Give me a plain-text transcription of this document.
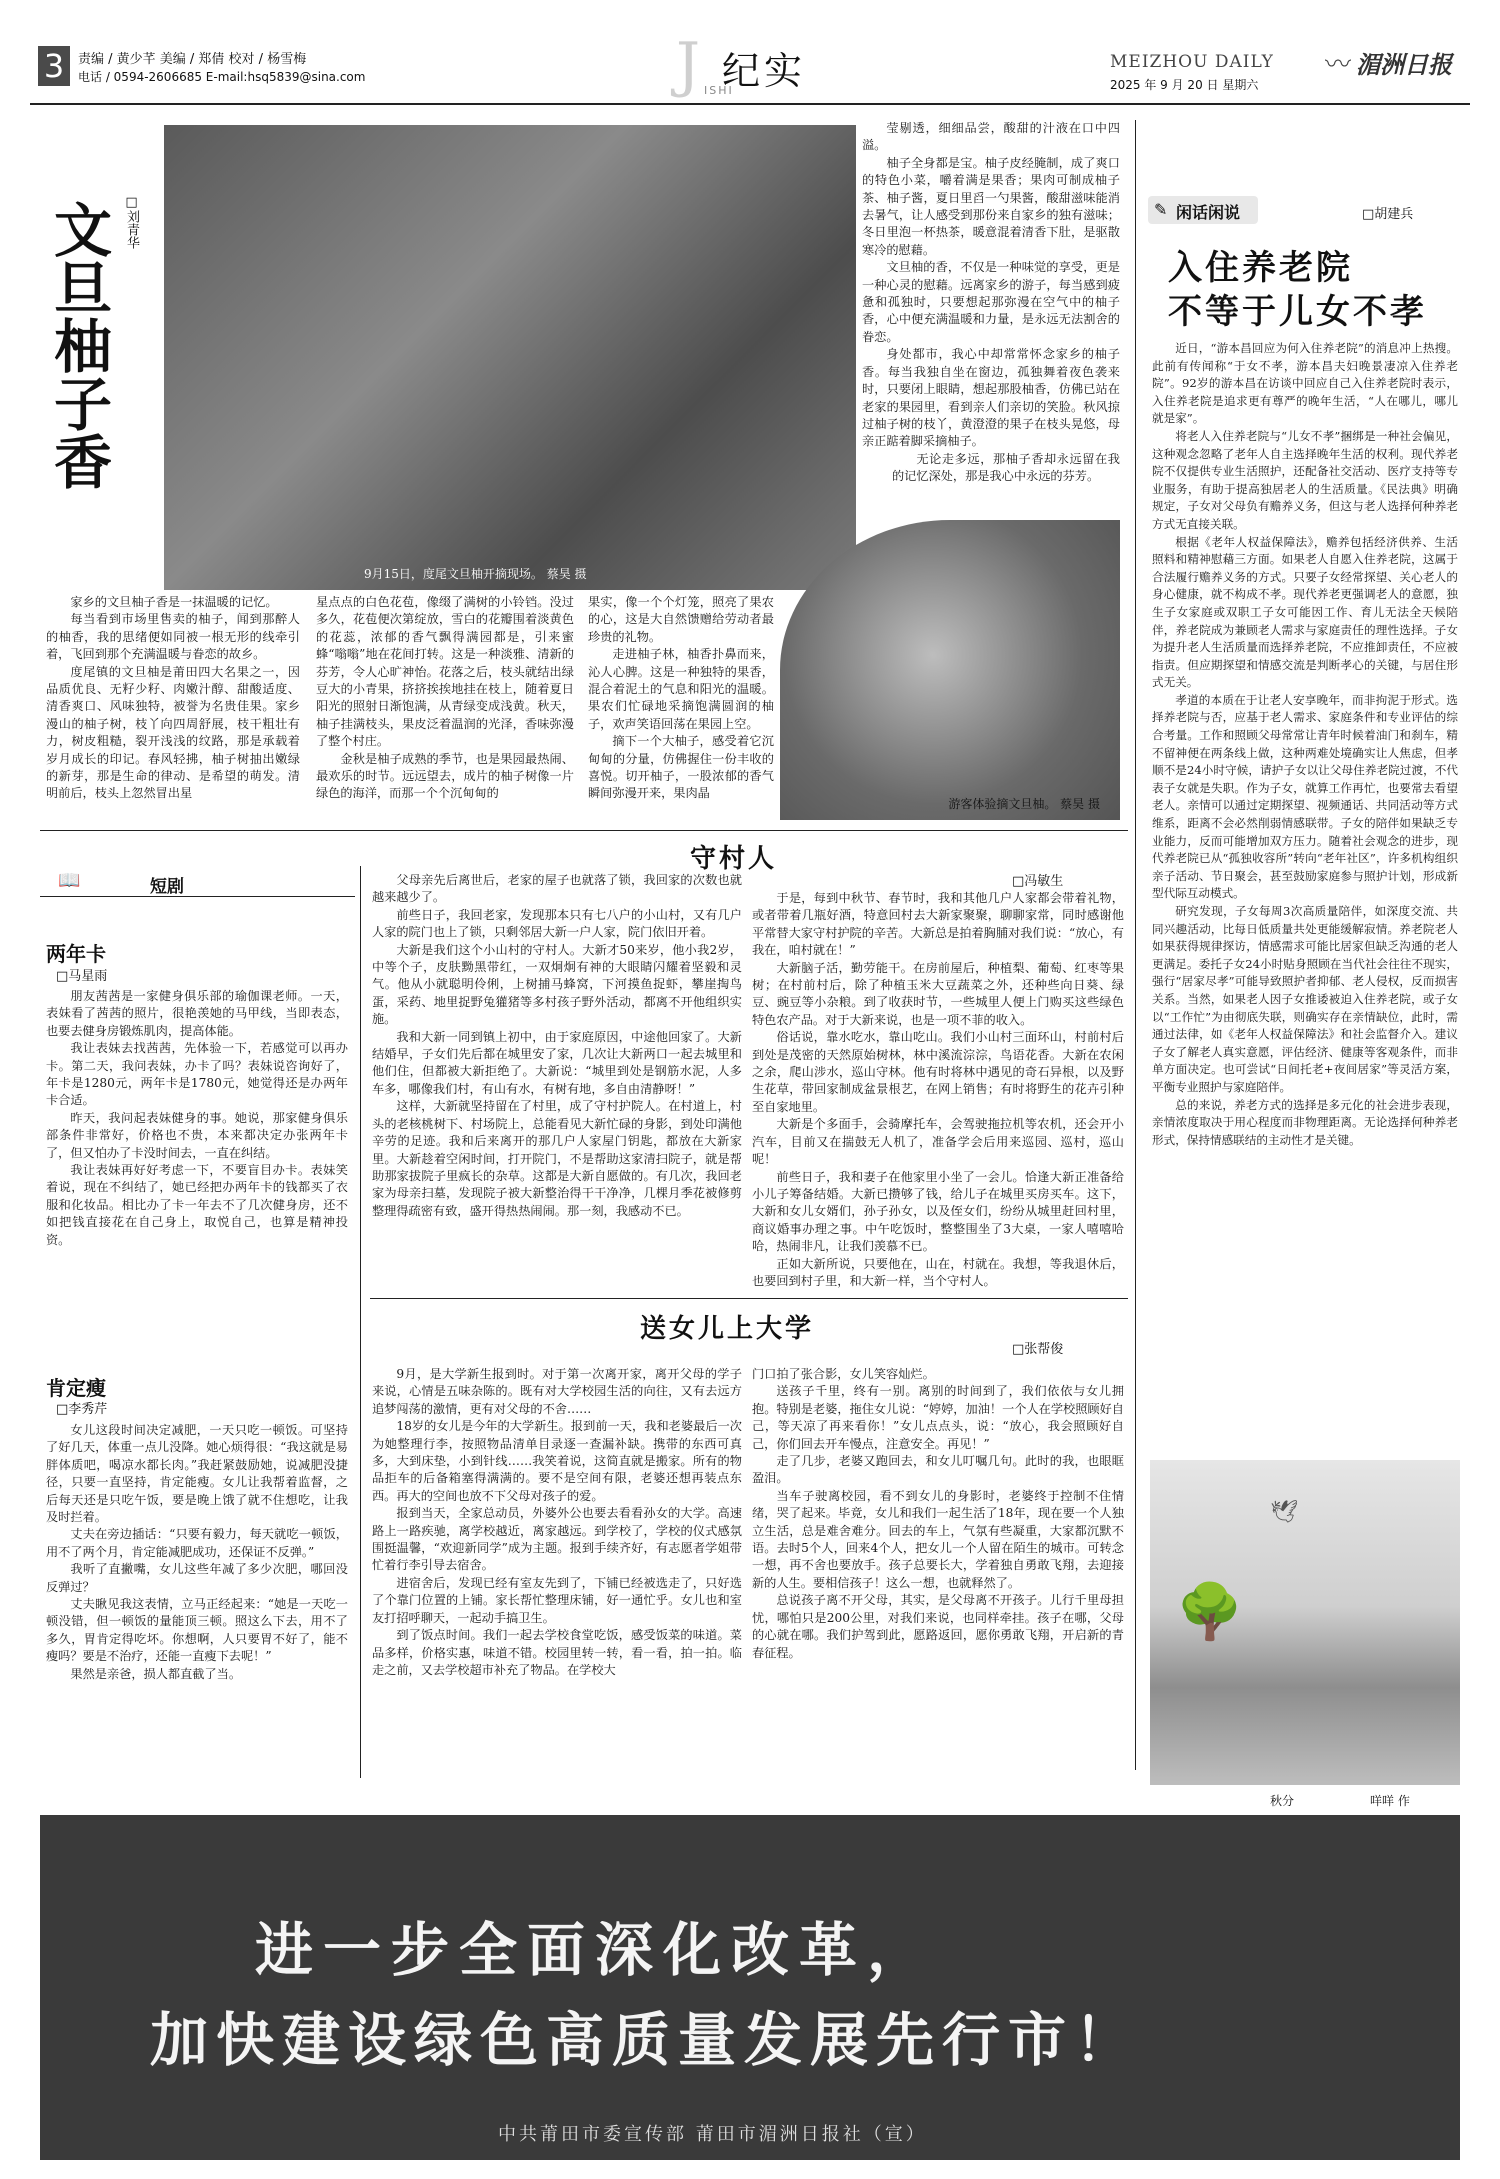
3	责编 / 黄少芊 美编 / 郑倩 校对 / 杨雪梅
电话 / 0594-2606685 E-mail:hsq5839@sina.com	J ISHI
纪实	MEIZHOU DAILY 〰 湄洲日报
2025 年 9 月 20 日 星期六
文旦柚子香 □刘青华
9月15日，度尾文旦柚开摘现场。 蔡昊 摄

莹剔透，细细品尝，酸甜的汁液在口中四溢。

柚子全身都是宝。柚子皮经腌制，成了爽口的特色小菜，嚼着满是果香；果肉可制成柚子茶、柚子酱，夏日里舀一勺果酱，酸甜滋味能消去暑气，让人感受到那份来自家乡的独有滋味；冬日里泡一杯热茶，暖意混着清香下肚，是驱散寒冷的慰藉。

文旦柚的香，不仅是一种味觉的享受，更是一种心灵的慰藉。远离家乡的游子，每当感到疲惫和孤独时，只要想起那弥漫在空气中的柚子香，心中便充满温暖和力量，是永远无法割舍的眷恋。

身处都市，我心中却常常怀念家乡的柚子香。每当我独自坐在窗边，孤独舞着夜色袭来时，只要闭上眼睛，想起那股柚香，仿佛已站在老家的果园里，看到亲人们亲切的笑脸。秋风掠过柚子树的枝丫，黄澄澄的果子在枝头晃悠，母亲正踮着脚采摘柚子。

无论走多远，那柚子香却永远留在我的记忆深处，那是我心中永远的芬芳。

家乡的文旦柚子香是一抹温暖的记忆。

每当看到市场里售卖的柚子，闻到那醉人的柚香，我的思绪便如同被一根无形的线牵引着，飞回到那个充满温暖与眷恋的故乡。

度尾镇的文旦柚是莆田四大名果之一，因品质优良、无籽少籽、肉嫩汁醇、甜酸适度、清香爽口、风味独特，被誉为名贵佳果。家乡漫山的柚子树，枝丫向四周舒展，枝干粗壮有力，树皮粗糙，裂开浅浅的纹路，那是承载着岁月成长的印记。春风轻拂，柚子树抽出嫩绿的新芽，那是生命的律动、是希望的萌发。清明前后，枝头上忽然冒出星

星点点的白色花苞，像缀了满树的小铃铛。没过多久，花苞便次第绽放，雪白的花瓣围着淡黄色的花蕊，浓郁的香气飘得满园都是，引来蜜蜂“嗡嗡”地在花间打转。这是一种淡雅、清新的芬芳，令人心旷神怡。花落之后，枝头就结出绿豆大的小青果，挤挤挨挨地挂在枝上，随着夏日阳光的照射日渐饱满，从青绿变成浅黄。秋天，柚子挂满枝头，果皮泛着温润的光泽，香味弥漫了整个村庄。

金秋是柚子成熟的季节，也是果园最热闹、最欢乐的时节。远远望去，成片的柚子树像一片绿色的海洋，而那一个个沉甸甸的

果实，像一个个灯笼，照亮了果农的心，这是大自然馈赠给劳动者最珍贵的礼物。

走进柚子林，柚香扑鼻而来，沁人心脾。这是一种独特的果香，混合着泥土的气息和阳光的温暖。果农们忙碌地采摘饱满圆润的柚子，欢声笑语回荡在果园上空。

摘下一个大柚子，感受着它沉甸甸的分量，仿佛握住一份丰收的喜悦。切开柚子，一股浓郁的香气瞬间弥漫开来，果肉晶

游客体验摘文旦柚。 蔡昊 摄
✎ 闲话闲说	□胡建兵
入住养老院
不等于儿女不孝

近日，“游本昌回应为何入住养老院”的消息冲上热搜。此前有传闻称“于女不孝，游本昌夫妇晚景凄凉入住养老院”。92岁的游本昌在访谈中回应自己入住养老院时表示，入住养老院是追求更有尊严的晚年生活，“人在哪儿，哪儿就是家”。

将老人入住养老院与“儿女不孝”捆绑是一种社会偏见，这种观念忽略了老年人自主选择晚年生活的权利。现代养老院不仅提供专业生活照护，还配备社交活动、医疗支持等专业服务，有助于提高独居老人的生活质量。《民法典》明确规定，子女对父母负有赡养义务，但这与老人选择何种养老方式无直接关联。

根据《老年人权益保障法》，赡养包括经济供养、生活照料和精神慰藉三方面。如果老人自愿入住养老院，这属于合法履行赡养义务的方式。只要子女经常探望、关心老人的身心健康，就不构成不孝。现代养老更强调老人的意愿，独生子女家庭或双职工子女可能因工作、育儿无法全天候陪伴，养老院成为兼顾老人需求与家庭责任的理性选择。子女为提升老人生活质量而选择养老院，不应推卸责任，不应被指责。但应期探望和情感交流是判断孝心的关键，与居住形式无关。

孝道的本质在于让老人安享晚年，而非拘泥于形式。选择养老院与否，应基于老人需求、家庭条件和专业评估的综合考量。工作和照顾父母常常让青年时候着油门和刹车，精不留神便在两条线上做，这种两难处境确实让人焦虑，但孝顺不是24小时守候，请护子女以让父母住养老院过渡，不代表子女就是失职。作为子女，就算工作再忙，也要常去看望老人。亲情可以通过定期探望、视频通话、共同活动等方式维系，距离不会必然削弱情感联带。子女的陪伴如果缺乏专业能力，反而可能增加双方压力。随着社会观念的进步，现代养老院已从“孤独收容所”转向“老年社区”，许多机构组织亲子活动、节日聚会，甚至鼓励家庭参与照护计划，形成新型代际互动模式。

研究发现，子女每周3次高质量陪伴，如深度交流、共同兴趣活动，比每日低质量共处更能缓解寂情。养老院老人如果获得规律探访，情感需求可能比居家但缺乏沟通的老人更满足。委托子女24小时贴身照顾在当代社会往往不现实，强行“居家尽孝”可能导致照护者抑郁、老人侵权，反而损害关系。当然，如果老人因子女推诿被迫入住养老院，或子女以“工作忙”为由彻底失联，则确实存在亲情缺位，此时，需通过法律，如《老年人权益保障法》和社会监督介入。建议子女了解老人真实意愿，评估经济、健康等客观条件，而非单方面决定。也可尝试“日间托老+夜间居家”等灵活方案，平衡专业照护与家庭陪伴。

总的来说，养老方式的选择是多元化的社会进步表现，亲情浓度取决于用心程度而非物理距离。无论选择何种养老形式，保持情感联结的主动性才是关键。

🕊
🌳
秋分	咩咩 作
📖	短剧
两年卡
□马星雨

朋友茜茜是一家健身俱乐部的瑜伽课老师。一天，表妹看了茜茜的照片，很艳羡她的马甲线，当即表态，也要去健身房锻炼肌肉，提高体能。

我让表妹去找茜茜，先体验一下，若感觉可以再办卡。第二天，我问表妹，办卡了吗？表妹说咨询好了，年卡是1280元，两年卡是1780元，她觉得还是办两年卡合适。

昨天，我问起表妹健身的事。她说，那家健身俱乐部条件非常好，价格也不贵，本来都决定办张两年卡了，但又怕办了卡没时间去，一直在纠结。

我让表妹再好好考虑一下，不要盲目办卡。表妹笑着说，现在不纠结了，她已经把办两年卡的钱都买了衣服和化妆品。相比办了卡一年去不了几次健身房，还不如把钱直接花在自己身上，取悦自己，也算是精神投资。

肯定瘦
□李秀芹

女儿这段时间决定减肥，一天只吃一顿饭。可坚持了好几天，体重一点儿没降。她心烦得很：“我这就是易胖体质吧，喝凉水都长肉。”我赶紧鼓励她，说减肥没捷径，只要一直坚持，肯定能瘦。女儿让我帮着监督，之后每天还是只吃午饭，要是晚上饿了就不住想吃，让我及时拦着。

丈夫在旁边插话：“只要有毅力，每天就吃一顿饭，用不了两个月，肯定能减肥成功，还保证不反弹。”

我听了直撇嘴，女儿这些年减了多少次肥，哪回没反弹过？

丈夫瞅见我这表情，立马正经起来：“她是一天吃一顿没错，但一顿饭的量能顶三顿。照这么下去，用不了多久，胃肯定得吃坏。你想啊，人只要胃不好了，能不瘦吗？要是不治疗，还能一直瘦下去呢！”

果然是亲爸，损人都直截了当。

守村人
□冯敏生

父母亲先后离世后，老家的屋子也就落了锁，我回家的次数也就越来越少了。

前些日子，我回老家，发现那本只有七八户的小山村，又有几户人家的院门也上了锁，只剩邻居大新一户人家，院门依旧开着。

大新是我们这个小山村的守村人。大新才50来岁，他小我2岁，中等个子，皮肤黝黑带红，一双炯炯有神的大眼睛闪耀着坚毅和灵气。他从小就聪明伶俐，上树捕马蜂窝，下河摸鱼捉虾，攀崖掏鸟蛋，采药、地里捉野兔獾猪等多村孩子野外活动，都离不开他组织实施。

我和大新一同到镇上初中，由于家庭原因，中途他回家了。大新结婚早，子女们先后都在城里安了家，几次让大新两口一起去城里和他们住，但都被大新拒绝了。大新说：“城里到处是钢筋水泥，人多车多，哪像我们村，有山有水，有树有地，多自由清静呀！”

这样，大新就坚持留在了村里，成了守村护院人。在村道上，村头的老核桃树下、村场院上，总能看见大新忙碌的身影，到处印满他辛劳的足迹。我和后来离开的那几户人家屋门钥匙，都放在大新家里。大新趁着空闲时间，打开院门，不是帮助这家清扫院子，就是帮助那家拔院子里疯长的杂草。这都是大新自愿做的。有几次，我回老家为母亲扫墓，发现院子被大新整治得干干净净，几棵月季花被修剪整理得疏密有致，盛开得热热闹闹。那一刻，我感动不已。

于是，每到中秋节、春节时，我和其他几户人家都会带着礼物，或者带着几瓶好酒，特意回村去大新家聚聚，聊聊家常，同时感谢他平常替大家守村护院的辛苦。大新总是拍着胸脯对我们说：“放心，有我在，咱村就在！”

大新脑子活，勤劳能干。在房前屋后，种植梨、葡萄、红枣等果树；在村前村后，除了种植玉米大豆蔬菜之外，还种些向日葵、绿豆、豌豆等小杂粮。到了收获时节，一些城里人便上门购买这些绿色特色农产品。对于大新来说，也是一项不菲的收入。

俗话说，靠水吃水，靠山吃山。我们小山村三面环山，村前村后到处是茂密的天然原始树林，林中溪流淙淙，鸟语花香。大新在农闲之余，爬山涉水，巡山守林。他有时将林中遇见的奇石异根，以及野生花草，带回家制成盆景根艺，在网上销售；有时将野生的花卉引种至自家地里。

大新是个多面手，会骑摩托车，会驾驶拖拉机等农机，还会开小汽车，目前又在揣鼓无人机了，准备学会后用来巡园、巡村，巡山呢！

前些日子，我和妻子在他家里小坐了一会儿。恰逢大新正准备给小儿子筹备结婚。大新已攒够了钱，给儿子在城里买房买车。这下，大新和女儿女婿们，孙子孙女，以及侄女们，纷纷从城里赶回村里，商议婚事办理之事。中午吃饭时，整整围坐了3大桌，一家人嘻嘻哈哈，热闹非凡，让我们羡慕不已。

正如大新所说，只要他在，山在，村就在。我想，等我退休后，也要回到村子里，和大新一样，当个守村人。

送女儿上大学
□张帮俊

9月，是大学新生报到时。对于第一次离开家，离开父母的学子来说，心情是五味杂陈的。既有对大学校园生活的向往，又有去远方追梦闯荡的激情，更有对父母的不舍……

18岁的女儿是今年的大学新生。报到前一天，我和老婆最后一次为她整理行李，按照物品清单目录逐一查漏补缺。携带的东西可真多，大到床垫，小到针线……我笑着说，这简直就是搬家。所有的物品拒车的后备箱塞得满满的。要不是空间有限，老婆还想再装点东西。再大的空间也放不下父母对孩子的爱。

报到当天，全家总动员，外婆外公也要去看看孙女的大学。高速路上一路疾驰，离学校越近，离家越远。到学校了，学校的仪式感氛围挺温馨，“欢迎新同学”成为主题。报到手续齐好，有志愿者学姐带忙着行李引导去宿舍。

进宿舍后，发现已经有室友先到了，下铺已经被选走了，只好选了个靠门位置的上铺。家长帮忙整理床铺，好一通忙乎。女儿也和室友打招呼聊天，一起动手搞卫生。

到了饭点时间。我们一起去学校食堂吃饭，感受饭菜的味道。菜品多样，价格实惠，味道不错。校园里转一转，看一看，拍一拍。临走之前，又去学校超市补充了物品。在学校大

门口拍了张合影，女儿笑容灿烂。

送孩子千里，终有一别。离别的时间到了，我们依依与女儿拥抱。特别是老婆，拖住女儿说：“婷婷，加油！一个人在学校照顾好自己，等天凉了再来看你！”女儿点点头，说：“放心，我会照顾好自己，你们回去开车慢点，注意安全。再见！”

走了几步，老婆又跑回去，和女儿叮嘱几句。此时的我，也眼眶盈泪。

当车子驶离校园，看不到女儿的身影时，老婆终于控制不住情绪，哭了起来。毕竟，女儿和我们一起生活了18年，现在要一个人独立生活，总是难舍难分。回去的车上，气氛有些凝重，大家都沉默不语。去时5个人，回来4个人，把女儿一个人留在陌生的城市。可转念一想，再不舍也要放手。孩子总要长大，学着独自勇敢飞翔，去迎接新的人生。要相信孩子！这么一想，也就释然了。

总说孩子离不开父母，其实，是父母离不开孩子。儿行千里母担忧，哪怕只是200公里，对我们来说，也同样牵挂。孩子在哪，父母的心就在哪。我们护驾到此，愿路返回，愿你勇敢飞翔，开启新的青春征程。

进一步全面深化改革，
加快建设绿色高质量发展先行市！
中共莆田市委宣传部 莆田市湄洲日报社（宣）
